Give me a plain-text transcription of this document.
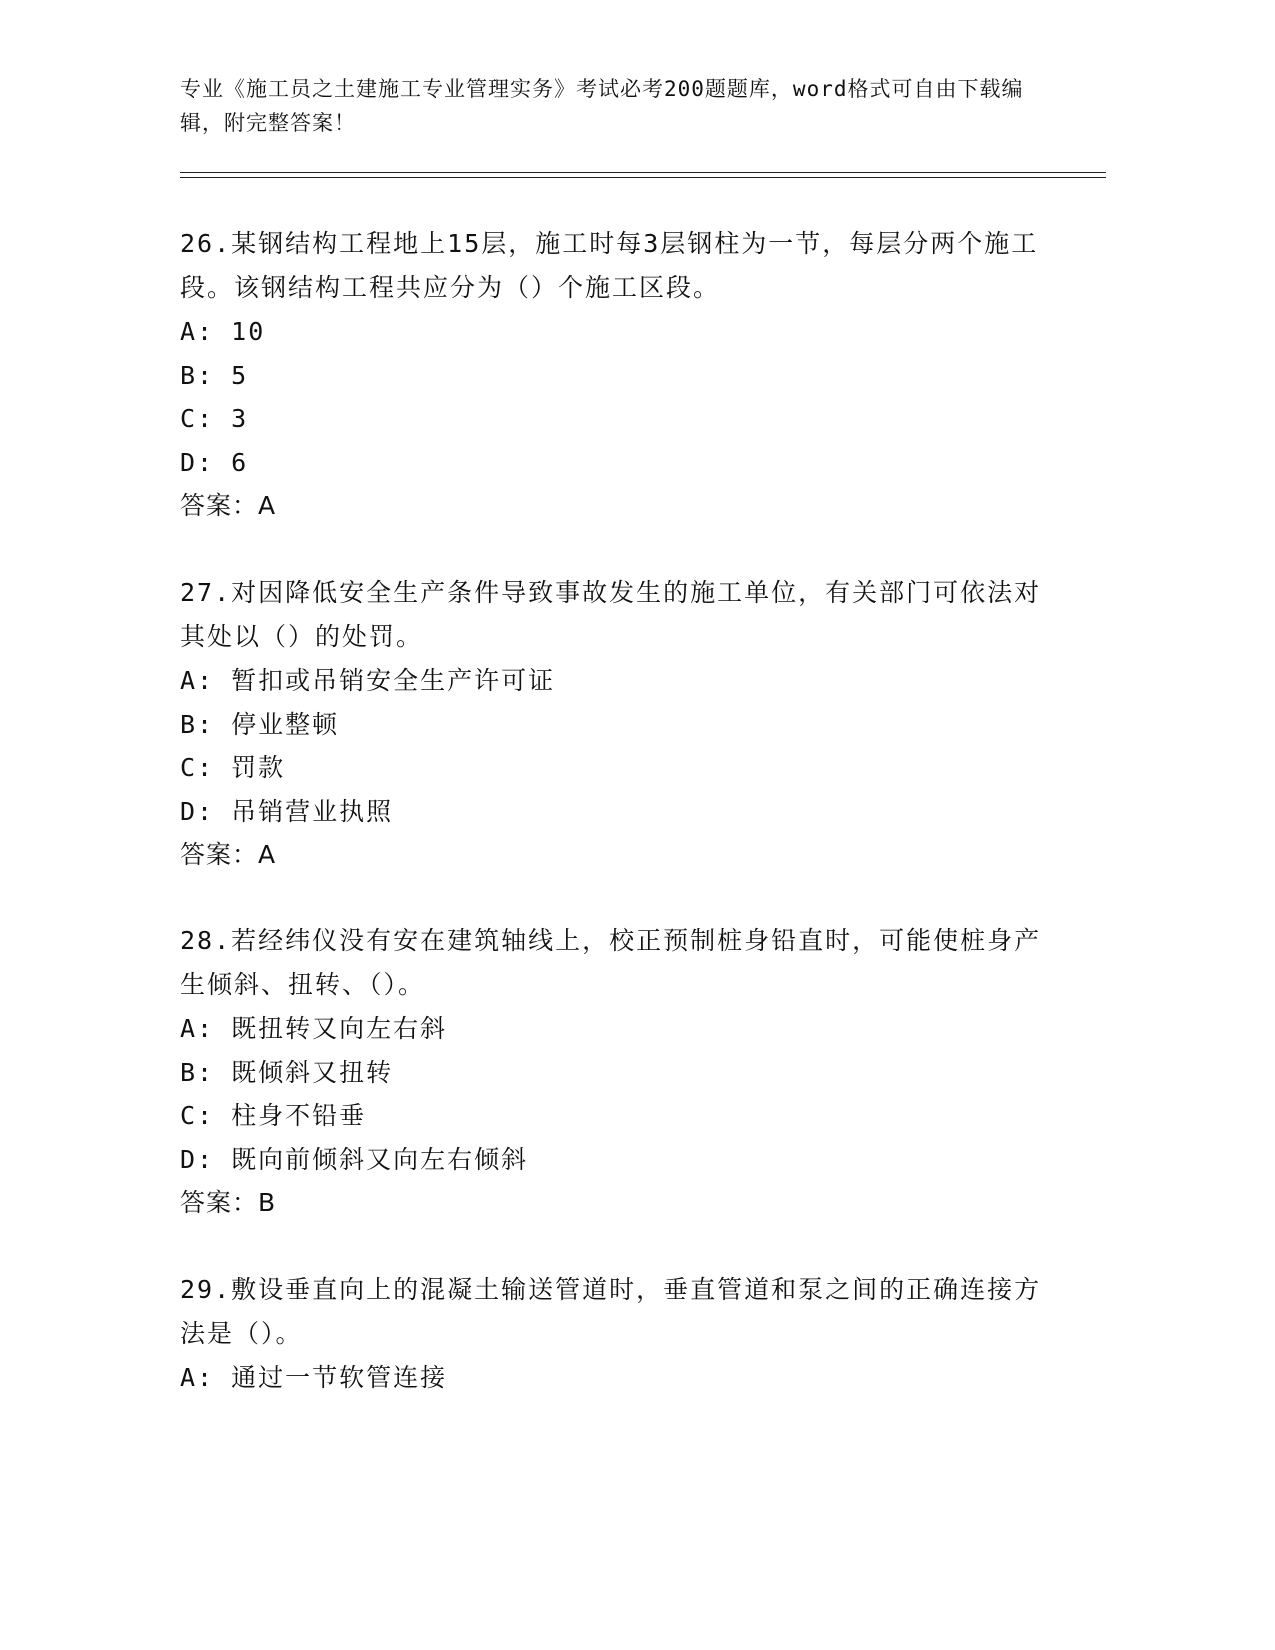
专业《施工员之土建施工专业管理实务》考试必考200题题库，word格式可自由下载编辑，附完整答案！

26.某钢结构工程地上15层，施工时每3层钢柱为一节，每层分两个施工段。该钢结构工程共应分为（）个施工区段。

A: 10

B: 5

C: 3

D: 6

答案：A

27.对因降低安全生产条件导致事故发生的施工单位，有关部门可依法对其处以（）的处罚。

A: 暂扣或吊销安全生产许可证

B: 停业整顿

C: 罚款

D: 吊销营业执照

答案：A

28.若经纬仪没有安在建筑轴线上，校正预制桩身铅直时，可能使桩身产生倾斜、扭转、（）。

A: 既扭转又向左右斜

B: 既倾斜又扭转

C: 柱身不铅垂

D: 既向前倾斜又向左右倾斜

答案：B

29.敷设垂直向上的混凝土输送管道时，垂直管道和泵之间的正确连接方法是（）。

A: 通过一节软管连接
